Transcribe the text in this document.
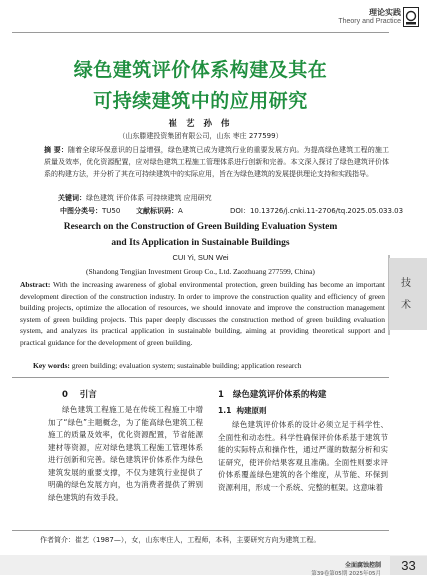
理论实践
Theory and Practice
绿色建筑评价体系构建及其在
可持续建筑中的应用研究
崔 艺 孙 伟
（山东滕建投资集团有限公司，山东 枣庄 277599）
摘 要：随着全球环保意识的日益增强，绿色建筑已成为建筑行业的重要发展方向。为提高绿色建筑工程的施工质量及效率，优化资源配置，应对绿色建筑工程施工管理体系进行创新和完善。本文深入探讨了绿色建筑评价体系的构建方法，并分析了其在可持续建筑中的实际应用，旨在为绿色建筑的发展提供理论支持和实践指导。
关键词：绿色建筑 评价体系 可持续建筑 应用研究
中图分类号：TU50 文献标识码：A	DOI：10.13726/j.cnki.11-2706/tq.2025.05.033.03
Research on the Construction of Green Building Evaluation System
and Its Application in Sustainable Buildings
CUI Yi, SUN Wei
(Shandong Tengjian Investment Group Co., Ltd. Zaozhuang 277599, China)
Abstract: With the increasing awareness of global environmental protection, green building has become an important development direction of the construction industry. In order to improve the construction quality and efficiency of green building projects, optimize the allocation of resources, we should innovate and improve the construction management system of green building projects. This paper deeply discusses the construction method of green building evaluation system, and analyzes its practical application in sustainable building, aiming at providing theoretical support and practical guidance for the development of green building.
Key words: green building; evaluation system; sustainable building; application research
0 引言
绿色建筑工程施工是在传统工程施工中增加了“绿色”主题概念，为了能高绿色建筑工程施工的质量及效率，优化资源配置，节省能源建材等资源，应对绿色建筑工程施工管理体系进行创新和完善。绿色建筑评价体系作为绿色建筑发展的重要支撑，不仅为建筑行业提供了明确的绿色发展方向，也为消费者提供了辨别绿色建筑的有效手段。
1 绿色建筑评价体系的构建
1.1 构建原则
绿色建筑评价体系的设计必须立足于科学性、全面性和动态性。科学性确保评价体系基于建筑节能的实际特点和操作性，通过严谨的数据分析和实证研究，使评价结果客观且准确。全面性则要求评价体系覆盖绿色建筑的各个维度，从节能、环保到资源利用，形成一个系统、完整的框架。这意味着
作者简介：崔艺（1987—），女，山东枣庄人，工程师，本科，主要研究方向为建筑工程。
技
术
全面腐蚀控制
第39卷第05期 2025年05月
33
